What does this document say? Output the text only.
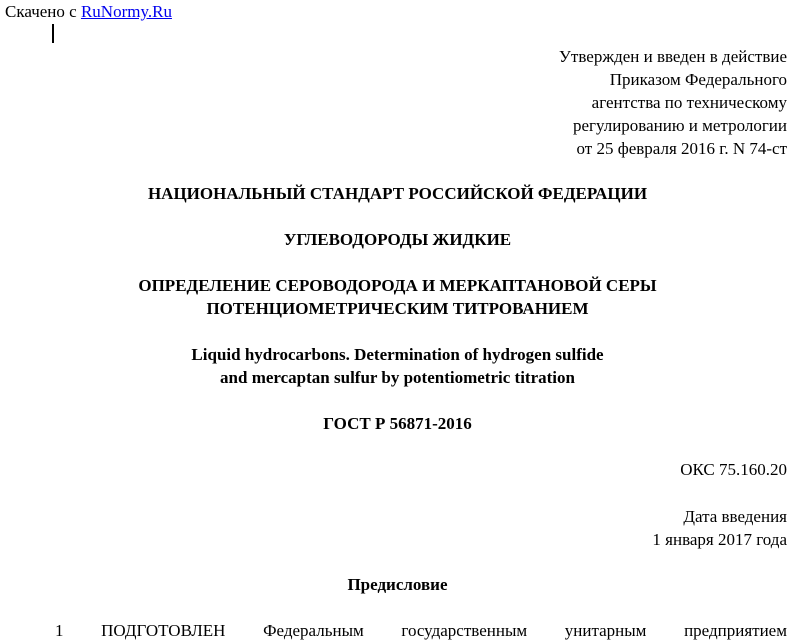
Скачено с RuNormy.Ru
Утвержден и введен в действие
Приказом Федерального
агентства по техническому
регулированию и метрологии
от 25 февраля 2016 г. N 74-ст
НАЦИОНАЛЬНЫЙ СТАНДАРТ РОССИЙСКОЙ ФЕДЕРАЦИИ
УГЛЕВОДОРОДЫ ЖИДКИЕ
ОПРЕДЕЛЕНИЕ СЕРОВОДОРОДА И МЕРКАПТАНОВОЙ СЕРЫ
ПОТЕНЦИОМЕТРИЧЕСКИМ ТИТРОВАНИЕМ
Liquid hydrocarbons. Determination of hydrogen sulfide
and mercaptan sulfur by potentiometric titration
ГОСТ Р 56871-2016
ОКС 75.160.20
Дата введения
1 января 2017 года
Предисловие
1 ПОДГОТОВЛЕН Федеральным государственным унитарным предприятием
